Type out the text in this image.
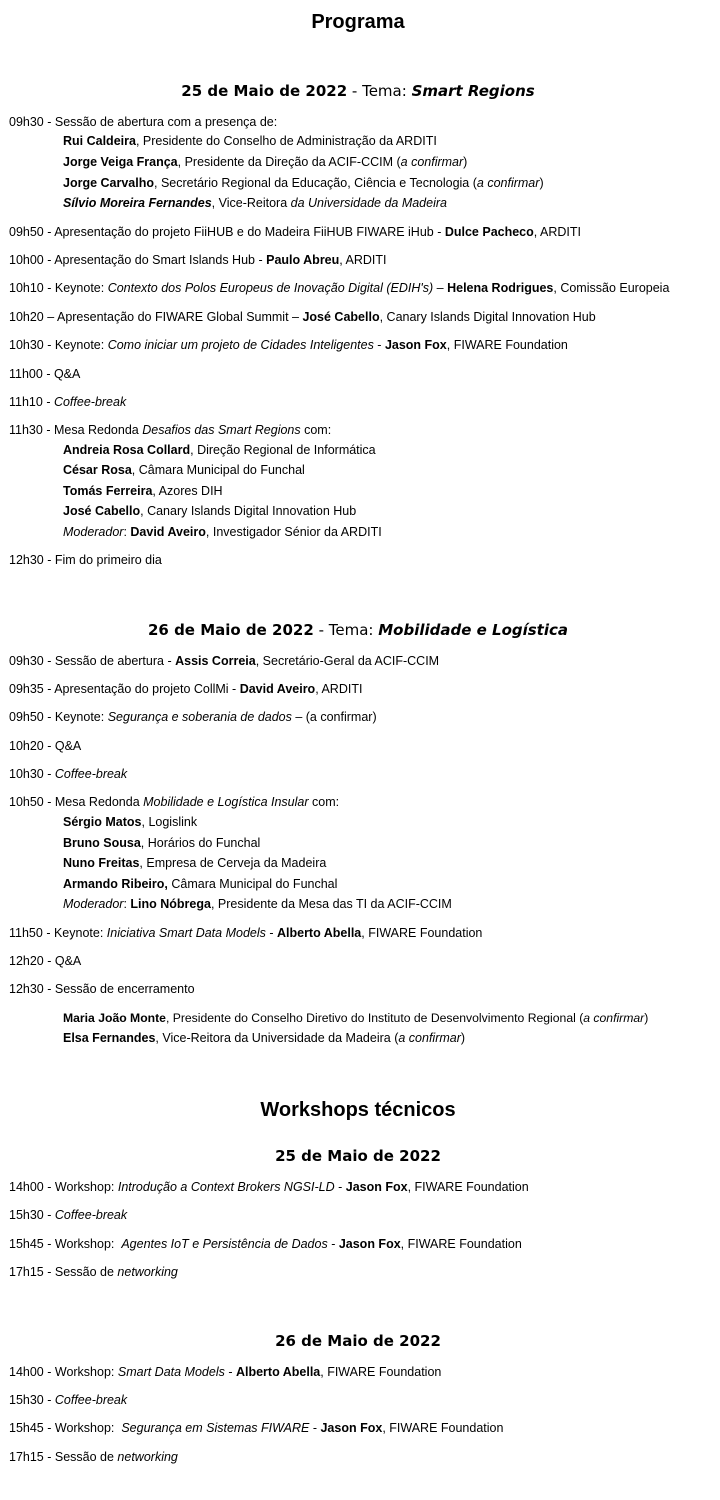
Programa
25 de Maio de 2022 - Tema: Smart Regions
09h30 - Sessão de abertura com a presença de:
Rui Caldeira, Presidente do Conselho de Administração da ARDITI
Jorge Veiga França, Presidente da Direção da ACIF-CCIM (a confirmar)
Jorge Carvalho, Secretário Regional da Educação, Ciência e Tecnologia (a confirmar)
Sílvio Moreira Fernandes, Vice-Reitora da Universidade da Madeira
09h50 - Apresentação do projeto FiiHUB e do Madeira FiiHUB FIWARE iHub - Dulce Pacheco, ARDITI
10h00 - Apresentação do Smart Islands Hub - Paulo Abreu, ARDITI
10h10 - Keynote: Contexto dos Polos Europeus de Inovação Digital (EDIH's) – Helena Rodrigues, Comissão Europeia
10h20 – Apresentação do FIWARE Global Summit – José Cabello, Canary Islands Digital Innovation Hub
10h30 - Keynote: Como iniciar um projeto de Cidades Inteligentes - Jason Fox, FIWARE Foundation
11h00 - Q&A
11h10 - Coffee-break
11h30 - Mesa Redonda Desafios das Smart Regions com:
Andreia Rosa Collard, Direção Regional de Informática
César Rosa, Câmara Municipal do Funchal
Tomás Ferreira, Azores DIH
José Cabello, Canary Islands Digital Innovation Hub
Moderador: David Aveiro, Investigador Sénior da ARDITI
12h30 - Fim do primeiro dia
26 de Maio de 2022 - Tema: Mobilidade e Logística
09h30 - Sessão de abertura - Assis Correia, Secretário-Geral da ACIF-CCIM
09h35 - Apresentação do projeto CollMi - David Aveiro, ARDITI
09h50 - Keynote: Segurança e soberania de dados – (a confirmar)
10h20 - Q&A
10h30 - Coffee-break
10h50 - Mesa Redonda Mobilidade e Logística Insular com:
Sérgio Matos, Logislink
Bruno Sousa, Horários do Funchal
Nuno Freitas, Empresa de Cerveja da Madeira
Armando Ribeiro, Câmara Municipal do Funchal
Moderador: Lino Nóbrega, Presidente da Mesa das TI da ACIF-CCIM
11h50 - Keynote: Iniciativa Smart Data Models - Alberto Abella, FIWARE Foundation
12h20 - Q&A
12h30 - Sessão de encerramento
Maria João Monte, Presidente do Conselho Diretivo do Instituto de Desenvolvimento Regional (a confirmar)
Elsa Fernandes, Vice-Reitora da Universidade da Madeira (a confirmar)
Workshops técnicos
25 de Maio de 2022
14h00 - Workshop: Introdução a Context Brokers NGSI-LD - Jason Fox, FIWARE Foundation
15h30 - Coffee-break
15h45 - Workshop:  Agentes IoT e Persistência de Dados - Jason Fox, FIWARE Foundation
17h15 - Sessão de networking
26 de Maio de 2022
14h00 - Workshop: Smart Data Models - Alberto Abella, FIWARE Foundation
15h30 - Coffee-break
15h45 - Workshop:  Segurança em Sistemas FIWARE - Jason Fox, FIWARE Foundation
17h15 - Sessão de networking
